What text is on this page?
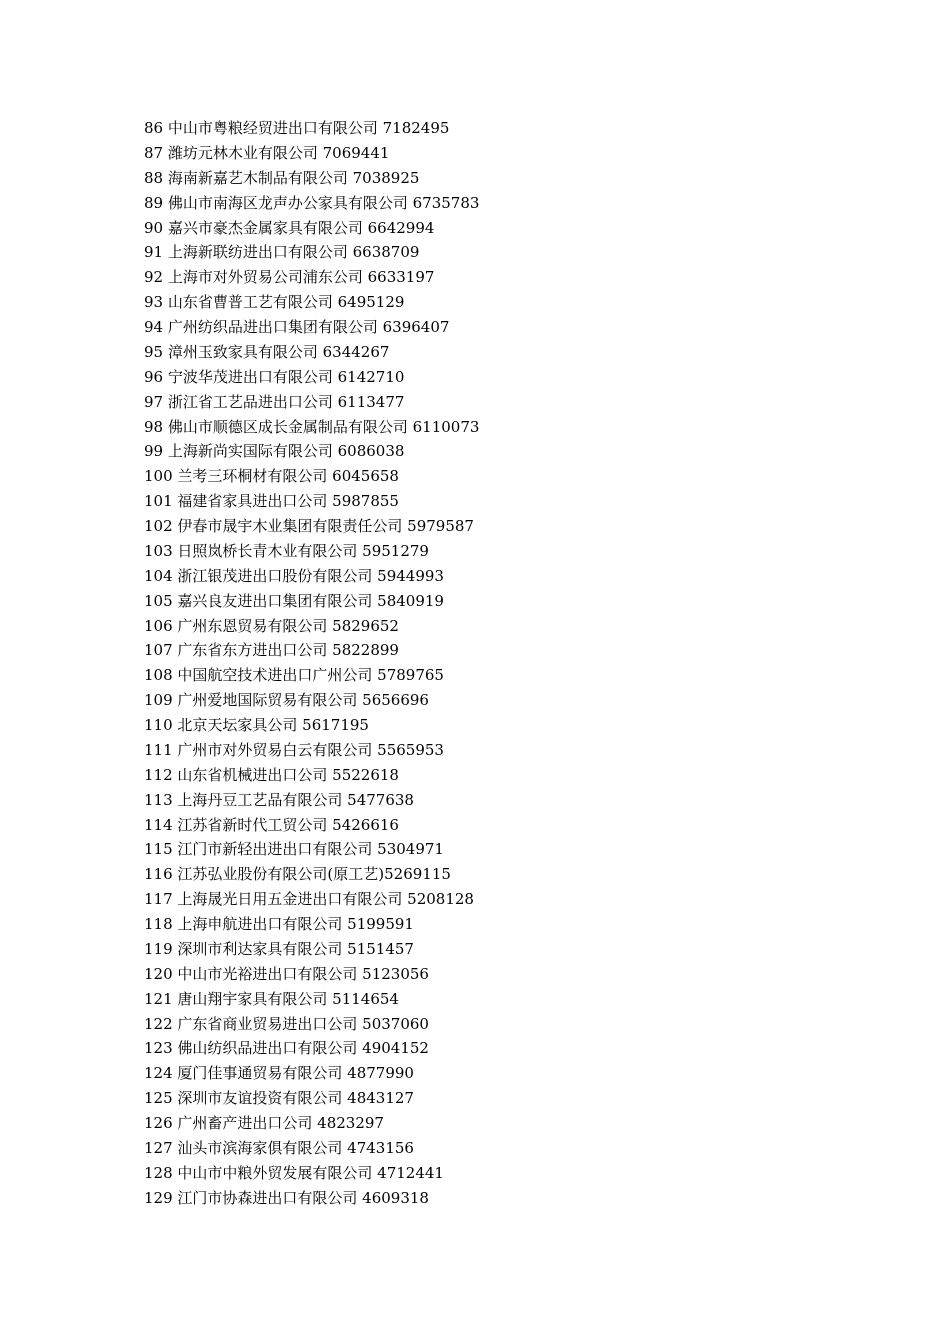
86 中山市粤粮经贸进出口有限公司 7182495
87 潍坊元林木业有限公司 7069441
88 海南新嘉艺木制品有限公司 7038925
89 佛山市南海区龙声办公家具有限公司 6735783
90 嘉兴市豪杰金属家具有限公司 6642994
91 上海新联纺进出口有限公司 6638709
92 上海市对外贸易公司浦东公司 6633197
93 山东省曹普工艺有限公司 6495129
94 广州纺织品进出口集团有限公司 6396407
95 漳州玉致家具有限公司 6344267
96 宁波华茂进出口有限公司 6142710
97 浙江省工艺品进出口公司 6113477
98 佛山市顺德区成长金属制品有限公司 6110073
99 上海新尚实国际有限公司 6086038
100 兰考三环桐材有限公司 6045658
101 福建省家具进出口公司 5987855
102 伊春市晟宇木业集团有限责任公司 5979587
103 日照岚桥长青木业有限公司 5951279
104 浙江银茂进出口股份有限公司 5944993
105 嘉兴良友进出口集团有限公司 5840919
106 广州东恩贸易有限公司 5829652
107 广东省东方进出口公司 5822899
108 中国航空技术进出口广州公司 5789765
109 广州爱地国际贸易有限公司 5656696
110 北京天坛家具公司 5617195
111 广州市对外贸易白云有限公司 5565953
112 山东省机械进出口公司 5522618
113 上海丹豆工艺品有限公司 5477638
114 江苏省新时代工贸公司 5426616
115 江门市新轻出进出口有限公司 5304971
116 江苏弘业股份有限公司(原工艺)5269115
117 上海晟光日用五金进出口有限公司 5208128
118 上海申航进出口有限公司 5199591
119 深圳市利达家具有限公司 5151457
120 中山市光裕进出口有限公司 5123056
121 唐山翔宇家具有限公司 5114654
122 广东省商业贸易进出口公司 5037060
123 佛山纺织品进出口有限公司 4904152
124 厦门佳事通贸易有限公司 4877990
125 深圳市友谊投资有限公司 4843127
126 广州畜产进出口公司 4823297
127 汕头市滨海家俱有限公司 4743156
128 中山市中粮外贸发展有限公司 4712441
129 江门市协森进出口有限公司 4609318
